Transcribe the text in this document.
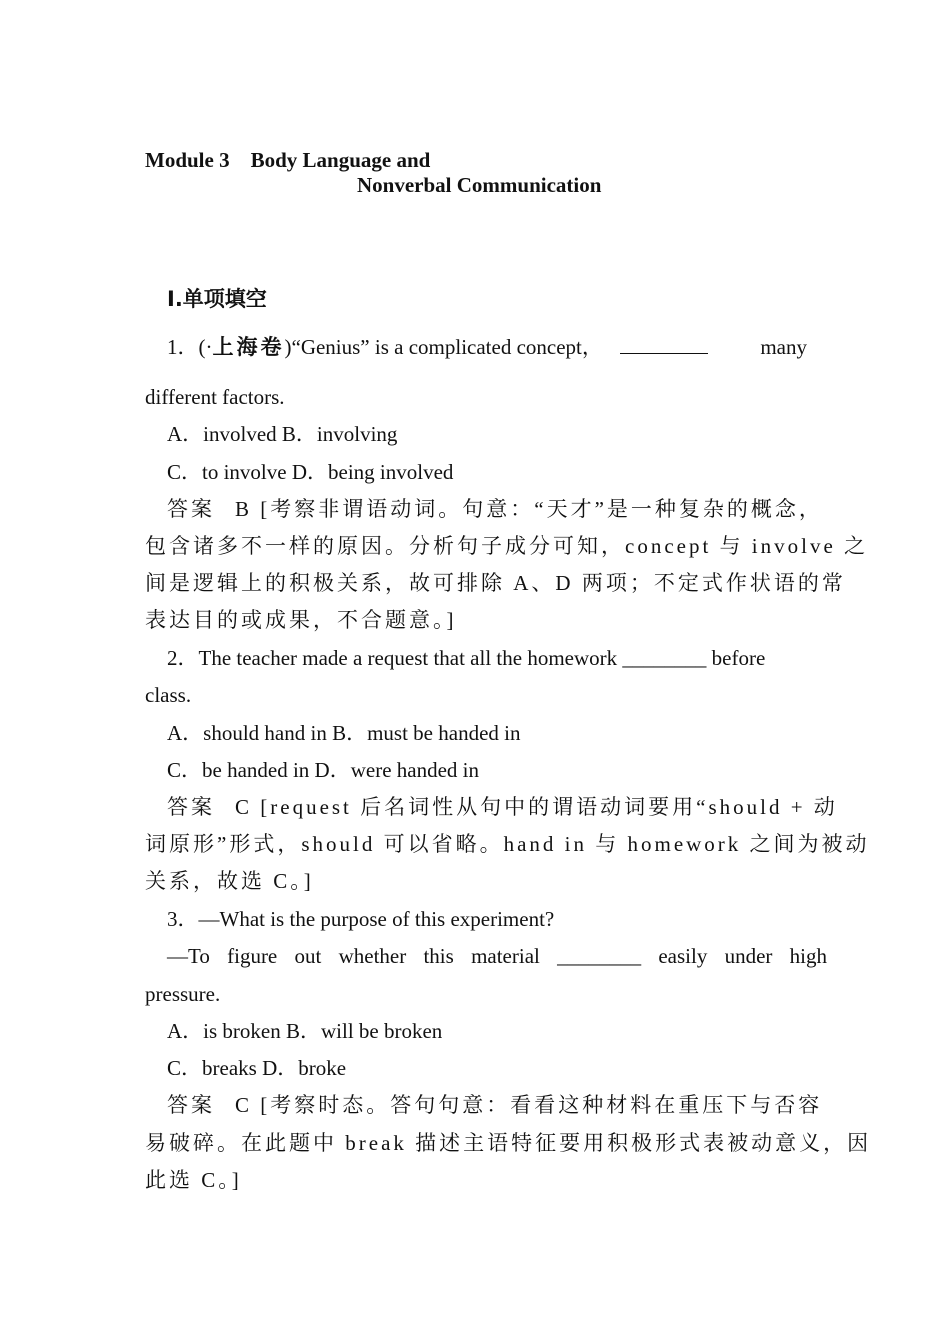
Module 3    Body Language and
Nonverbal Communication
Ⅰ.单项填空
1．(·上海卷)“Genius” is a complicated concept，	many
different factors.
A．involved B．involving
C．to involve D．being involved
答案 B [考察非谓语动词。句意：“天才”是一种复杂的概念，
包含诸多不一样的原因。分析句子成分可知，concept 与 involve 之
间是逻辑上的积极关系，故可排除 A、D 两项；不定式作状语的常
表达目的或成果，不合题意。]
2．The teacher made a request that all the homework ________ before
class.
A．should hand in B．must be handed in
C．be handed in D．were handed in
答案 C [request 后名词性从句中的谓语动词要用“should + 动
词原形”形式，should 可以省略。hand in 与 homework 之间为被动
关系，故选 C。]
3．—What is the purpose of this experiment?
—To figure out whether this material ________ easily under high
pressure.
A．is broken B．will be broken
C．breaks D．broke
答案 C [考察时态。答句句意：看看这种材料在重压下与否容
易破碎。在此题中 break 描述主语特征要用积极形式表被动意义，因
此选 C。]
